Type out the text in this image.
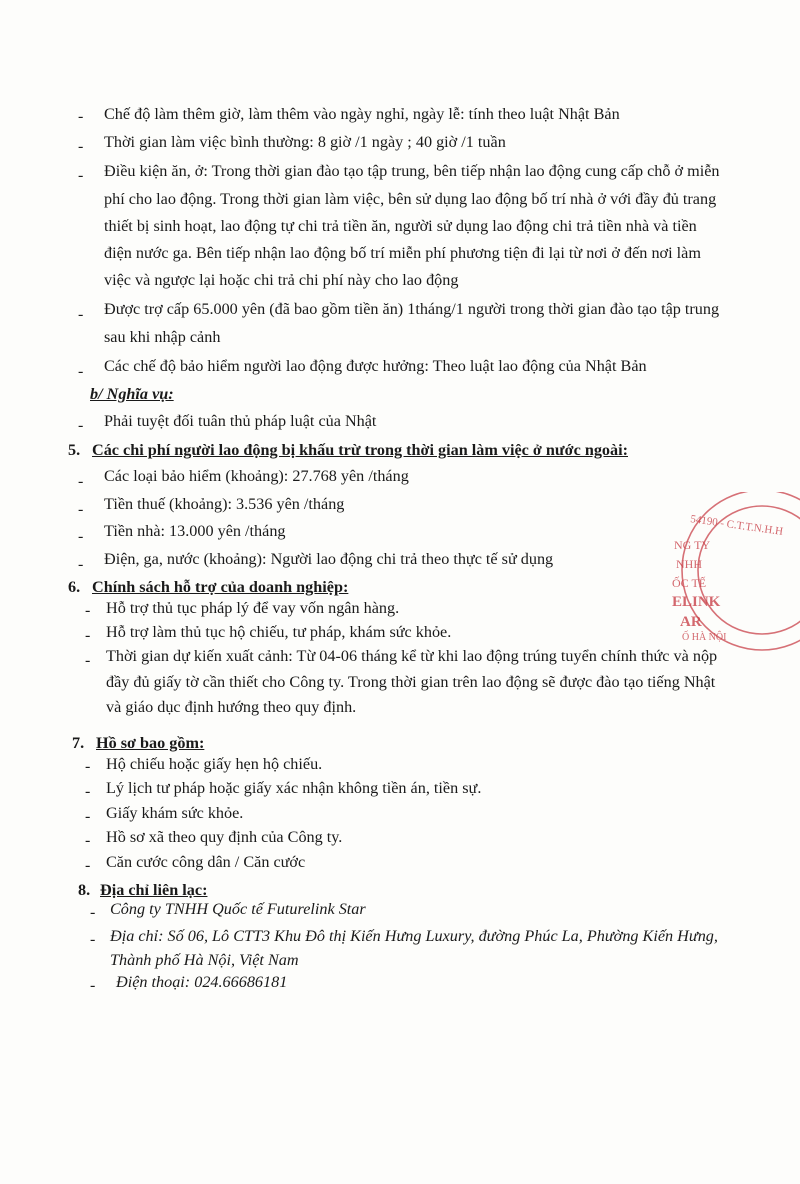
- Chế độ làm thêm giờ, làm thêm vào ngày nghỉ, ngày lễ: tính theo luật Nhật Bản
- Thời gian làm việc bình thường: 8 giờ /1 ngày ; 40 giờ /1 tuần
- Điều kiện ăn, ở: Trong thời gian đào tạo tập trung, bên tiếp nhận lao động cung cấp chỗ ở miễn
phí cho lao động. Trong thời gian làm việc, bên sử dụng lao động bố trí nhà ở với đầy đủ trang
thiết bị sinh hoạt, lao động tự chi trả tiền ăn, người sử dụng lao động chi trả tiền nhà và tiền
điện nước ga. Bên tiếp nhận lao động bố trí miễn phí phương tiện đi lại từ nơi ở đến nơi làm
việc và ngược lại hoặc chi trả chi phí này cho lao động
- Được trợ cấp 65.000 yên (đã bao gồm tiền ăn) 1tháng/1 người trong thời gian đào tạo tập trung
sau khi nhập cảnh
- Các chế độ bảo hiểm người lao động được hưởng: Theo luật lao động của Nhật Bản
b/ Nghĩa vụ:
- Phải tuyệt đối tuân thủ pháp luật của Nhật
5. Các chi phí người lao động bị khấu trừ trong thời gian làm việc ở nước ngoài:
- Các loại bảo hiểm (khoảng): 27.768 yên /tháng
- Tiền thuế (khoảng): 3.536 yên /tháng
- Tiền nhà: 13.000 yên /tháng
- Điện, ga, nước (khoảng): Người lao động chi trả theo thực tế sử dụng
6. Chính sách hỗ trợ của doanh nghiệp:
- Hỗ trợ thủ tục pháp lý để vay vốn ngân hàng.
- Hỗ trợ làm thủ tục hộ chiếu, tư pháp, khám sức khỏe.
- Thời gian dự kiến xuất cảnh: Từ 04-06 tháng kể từ khi lao động trúng tuyển chính thức và nộp
đầy đủ giấy tờ cần thiết cho Công ty. Trong thời gian trên lao động sẽ được đào tạo tiếng Nhật
và giáo dục định hướng theo quy định.
7. Hồ sơ bao gồm:
- Hộ chiếu hoặc giấy hẹn hộ chiếu.
- Lý lịch tư pháp hoặc giấy xác nhận không tiền án, tiền sự.
- Giấy khám sức khỏe.
- Hồ sơ xã theo quy định của Công ty.
- Căn cước công dân / Căn cước
8. Địa chỉ liên lạc:
- Công ty TNHH Quốc tế Futurelink Star
- Địa chỉ: Số 06, Lô CTT3 Khu Đô thị Kiến Hưng Luxury, đường Phúc La, Phường Kiến Hưng,
Thành phố Hà Nội, Việt Nam
- Điện thoại: 024.66686181
54190 - C.T.T.N.H.H
NG TY
NHH
ỐC TẾ
ELINK
AR
Ố HÀ NỘI
